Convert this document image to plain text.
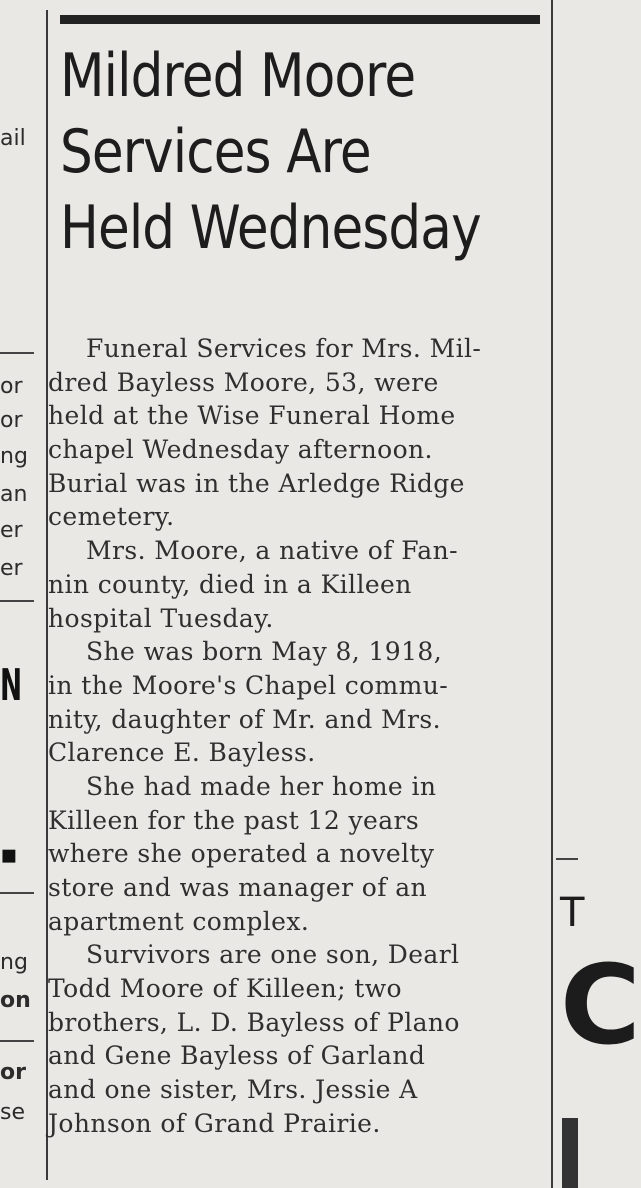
ail
or
or
ng
an
er
er
N
▪
ng
on
or
se
Mildred Moore
Services Are
Held Wednesday
Funeral Services for Mrs. Mil-
dred Bayless Moore, 53, were
held at the Wise Funeral Home
chapel Wednesday afternoon.
Burial was in the Arledge Ridge
cemetery.
Mrs. Moore, a native of Fan-
nin county, died in a Killeen
hospital Tuesday.
She was born May 8, 1918,
in the Moore's Chapel commu-
nity, daughter of Mr. and Mrs.
Clarence E. Bayless.
She had made her home in
Killeen for the past 12 years
where she operated a novelty
store and was manager of an
apartment complex.
Survivors are one son, Dearl
Todd Moore of Killeen; two
brothers, L. D. Bayless of Plano
and Gene Bayless of Garland
and one sister, Mrs. Jessie A
Johnson of Grand Prairie.
T
C
